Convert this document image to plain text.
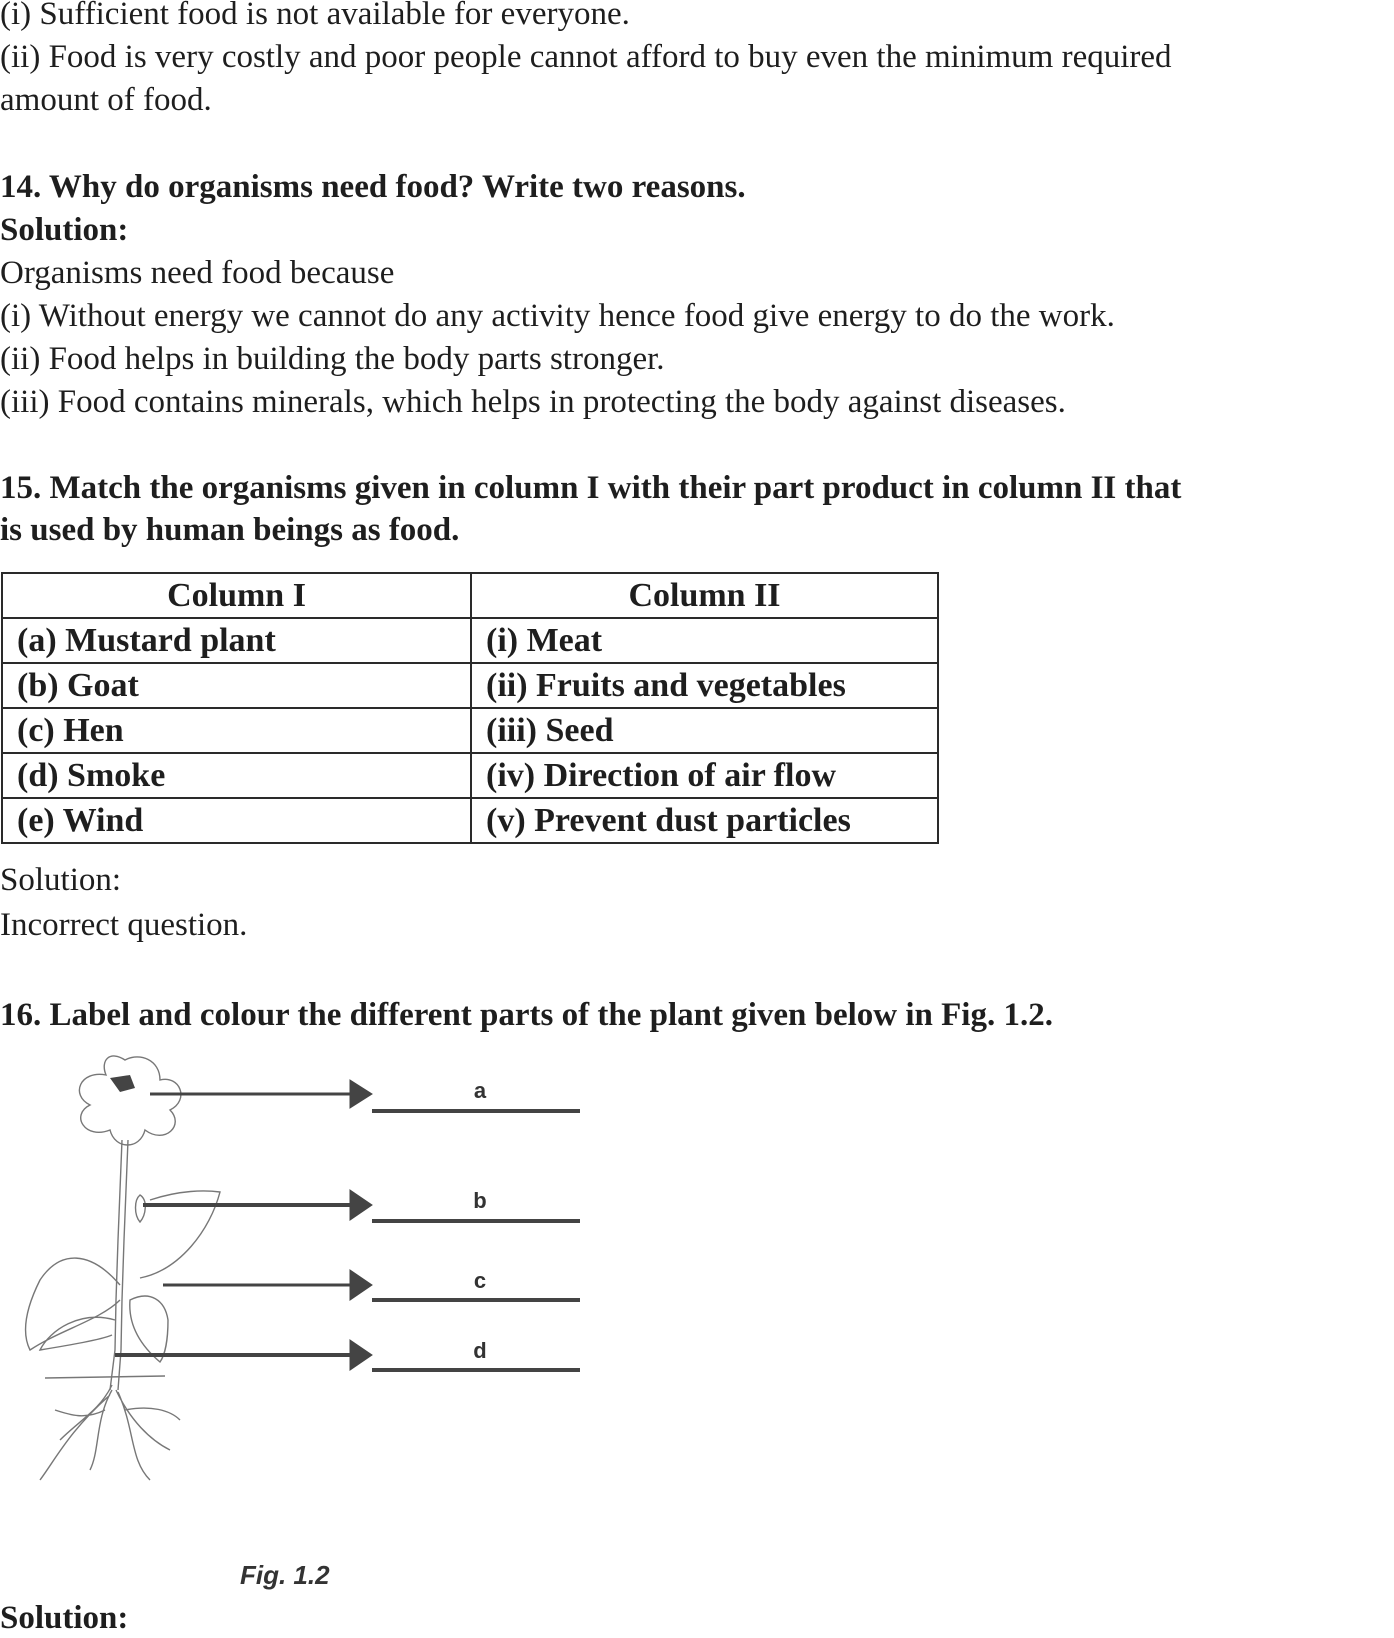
(i) Sufficient food is not available for everyone.
(ii) Food is very costly and poor people cannot afford to buy even the minimum required
amount of food.
14. Why do organisms need food? Write two reasons.
Solution:
Organisms need food because
(i) Without energy we cannot do any activity hence food give energy to do the work.
(ii) Food helps in building the body parts stronger.
(iii) Food contains minerals, which helps in protecting the body against diseases.
15. Match the organisms given in column I with their part product in column II that
is used by human beings as food.
Column I	Column II
(a) Mustard plant	(i) Meat
(b) Goat	(ii) Fruits and vegetables
(c) Hen	(iii) Seed
(d) Smoke	(iv) Direction of air flow
(e) Wind	(v) Prevent dust particles
Solution:
Incorrect question.
16. Label and colour the different parts of the plant given below in Fig. 1.2.
a
b
c
d
Fig. 1.2
Solution:
